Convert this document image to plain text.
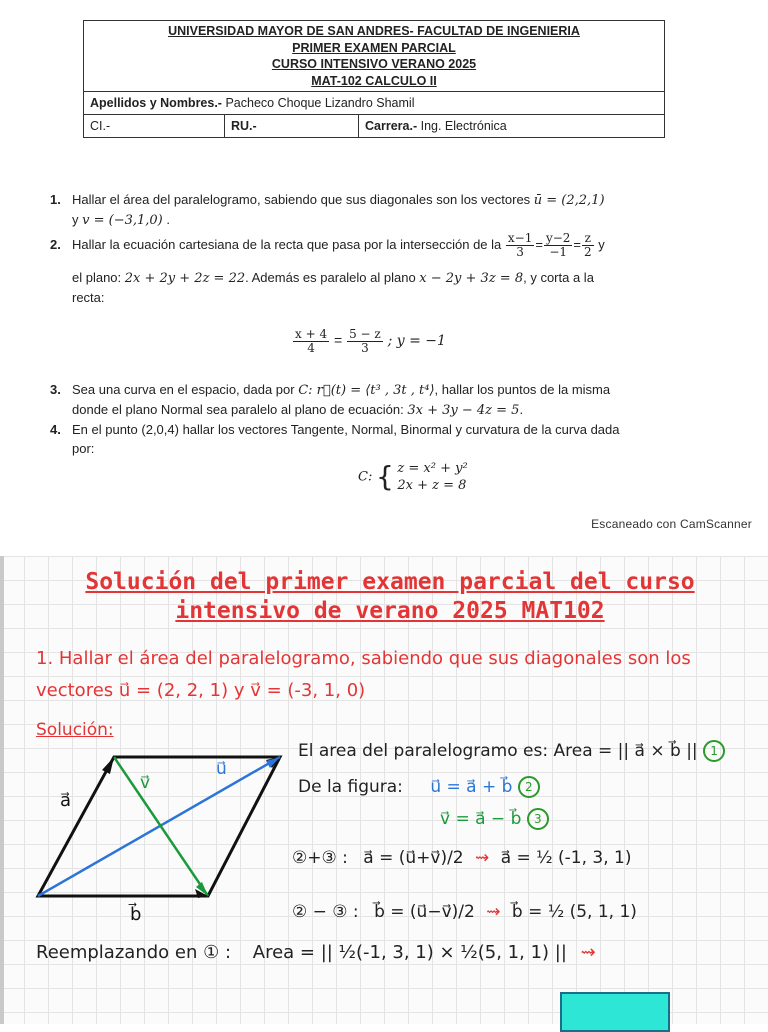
UNIVERSIDAD MAYOR DE SAN ANDRES- FACULTAD DE INGENIERIA
PRIMER EXAMEN PARCIAL
CURSO INTENSIVO VERANO 2025
MAT-102 CALCULO II

Apellidos y Nombres.- Pacheco Choque Lizandro Shamil
CI.-	RU.-	Carrera.- Ing. Electrónica
1. Hallar el área del paralelogramo, sabiendo que sus diagonales son los vectores ū = (2,2,1)
y v = (−3,1,0) .
2. Hallar la ecuación cartesiana de la recta que pasa por la intersección de la $\frac{x-1}{3} = \frac{y-2}{-1} = \frac{z}{2}$ y
el plano: 2x + 2y + 2z = 22. Además es paralelo al plano x − 2y + 3z = 8, y corta a la
recta:
$\frac{x + 4}{4} = \frac{5 - z}{3}$ ; y = −1
3. Sea una curva en el espacio, dada por C: r⃗(t) = ⟨t³ , 3t , t⁴⟩, hallar los puntos de la misma
donde el plano Normal sea paralelo al plano de ecuación: 3x + 3y − 4z = 5.
4. En el punto (2,0,4) hallar los vectores Tangente, Normal, Binormal y curvatura de la curva dada
por:
C: { z = x² + y²
2x + z = 8
Escaneado con CamScanner
Solución del primer examen parcial del curso
intensivo de verano 2025 MAT102
1. Hallar el área del paralelogramo, sabiendo que sus diagonales son los
vectores u⃗ = (2, 2, 1) y v⃗ = (-3, 1, 0)
Solución:
a⃗
v⃗
u⃗
b⃗
El area del paralelogramo es: Area = || a⃗ × b⃗ || 1
De la figura: u⃗ = a⃗ + b⃗ 2
v⃗ = a⃗ − b⃗ 3
②+③ : a⃗ = (u⃗+v⃗)/2 ⇝ a⃗ = ½ (-1, 3, 1)
② − ③ : b⃗ = (u⃗−v⃗)/2 ⇝ b⃗ = ½ (5, 1, 1)
Reemplazando en ① : Area = || ½(-1, 3, 1) × ½(5, 1, 1) || ⇝
